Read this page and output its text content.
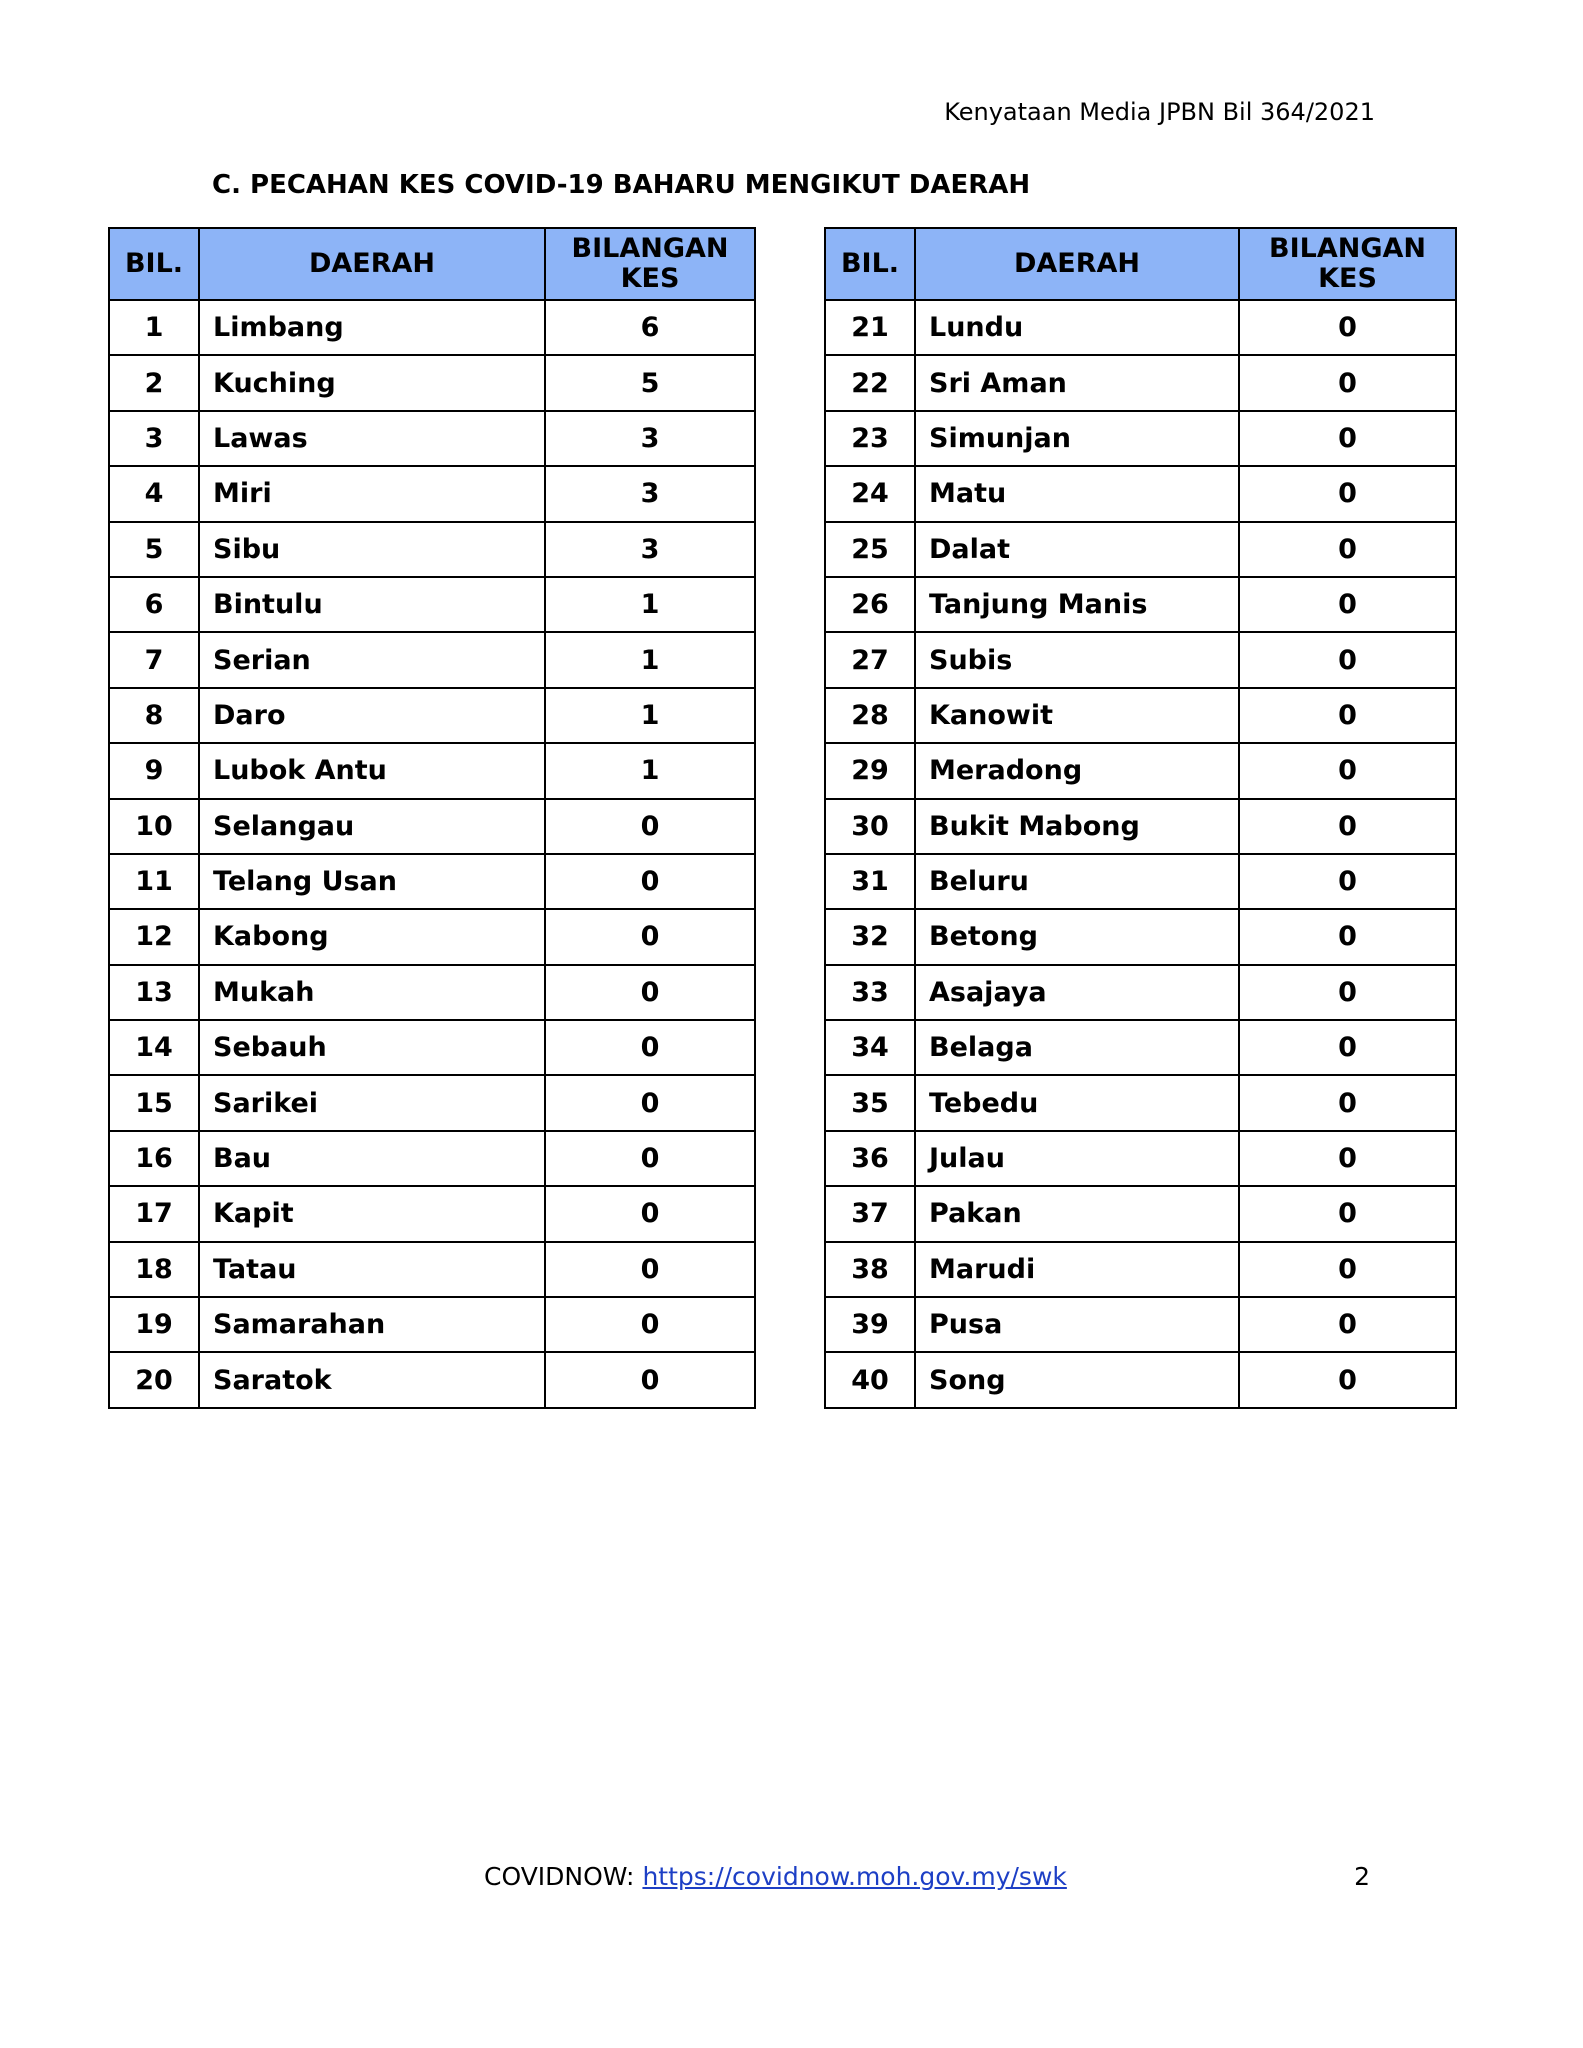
Kenyataan Media JPBN Bil 364/2021
C. PECAHAN KES COVID-19 BAHARU MENGIKUT DAERAH
BIL.	DAERAH	BILANGAN
KES
1	Limbang	6
2	Kuching	5
3	Lawas	3
4	Miri	3
5	Sibu	3
6	Bintulu	1
7	Serian	1
8	Daro	1
9	Lubok Antu	1
10	Selangau	0
11	Telang Usan	0
12	Kabong	0
13	Mukah	0
14	Sebauh	0
15	Sarikei	0
16	Bau	0
17	Kapit	0
18	Tatau	0
19	Samarahan	0
20	Saratok	0
BIL.	DAERAH	BILANGAN
KES
21	Lundu	0
22	Sri Aman	0
23	Simunjan	0
24	Matu	0
25	Dalat	0
26	Tanjung Manis	0
27	Subis	0
28	Kanowit	0
29	Meradong	0
30	Bukit Mabong	0
31	Beluru	0
32	Betong	0
33	Asajaya	0
34	Belaga	0
35	Tebedu	0
36	Julau	0
37	Pakan	0
38	Marudi	0
39	Pusa	0
40	Song	0
COVIDNOW: https://covidnow.moh.gov.my/swk	2
